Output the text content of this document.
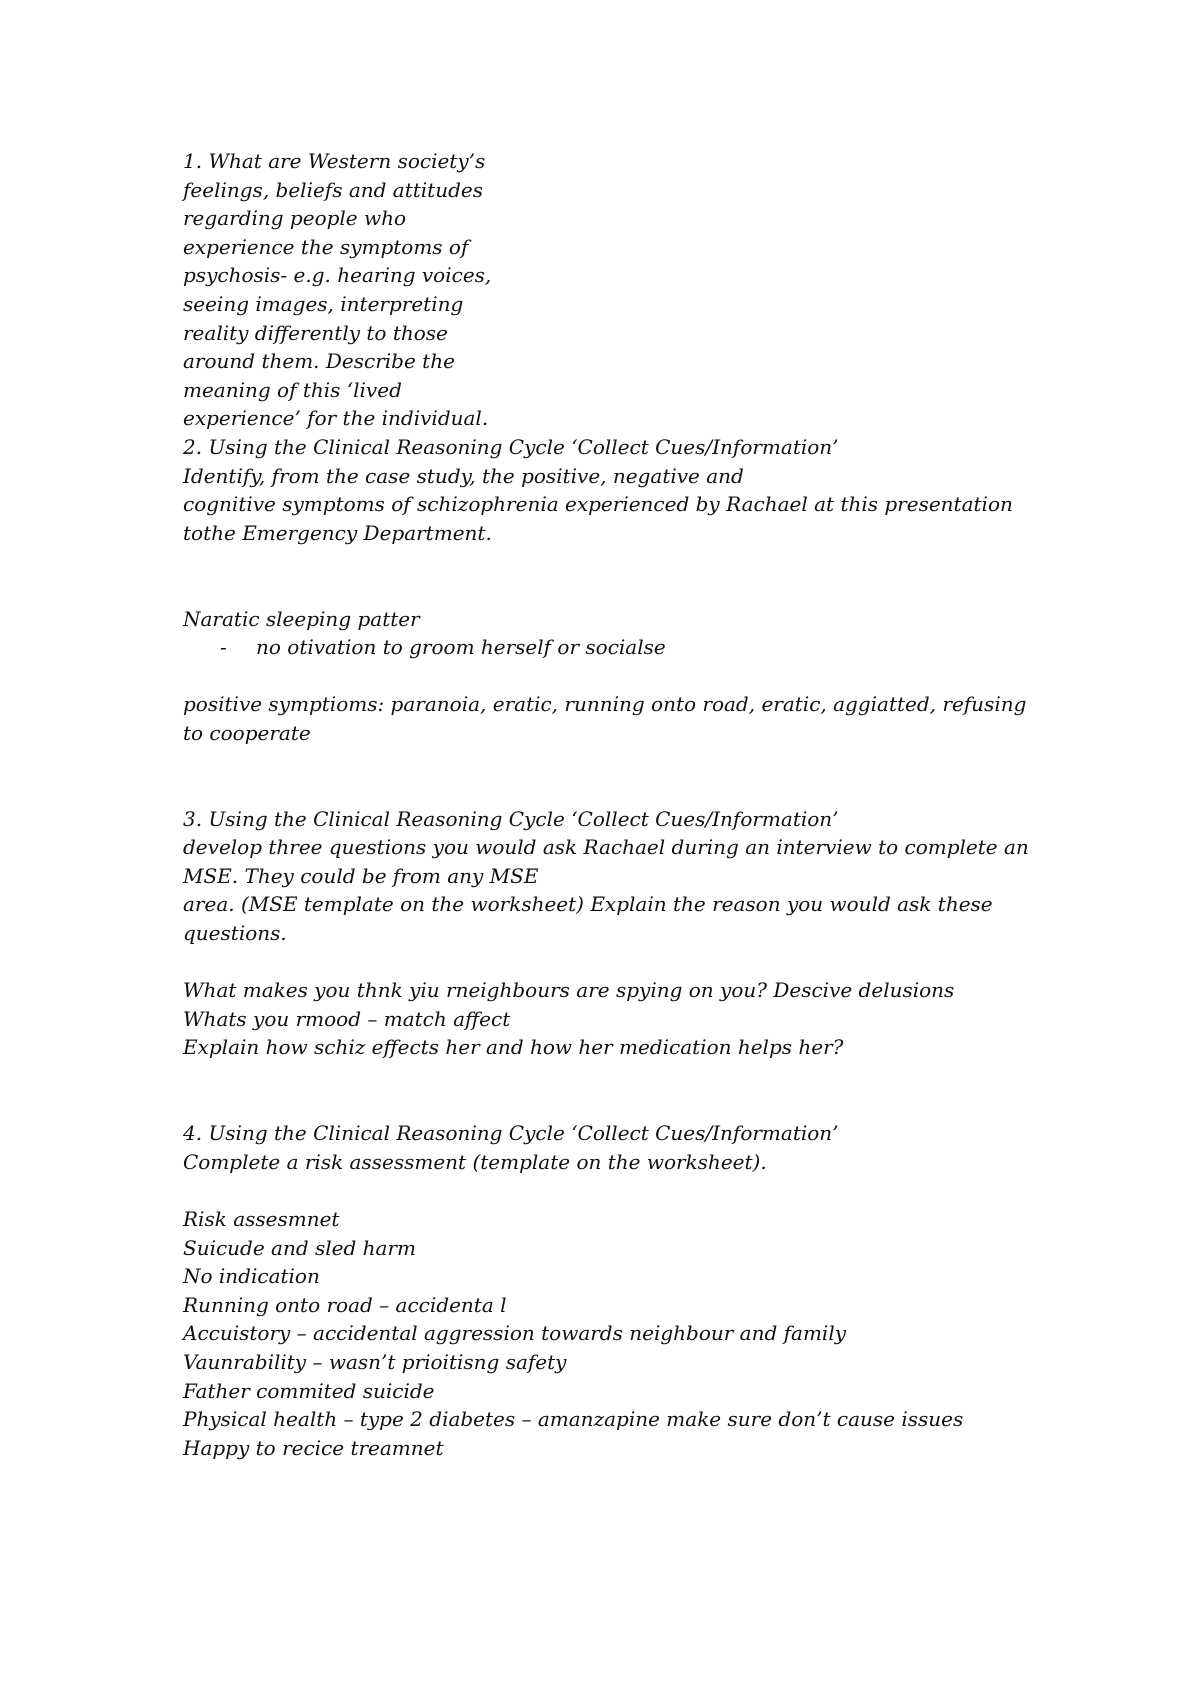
1. What are Western society’s
feelings, beliefs and attitudes
regarding people who
experience the symptoms of
psychosis- e.g. hearing voices,
seeing images, interpreting
reality differently to those
around them. Describe the
meaning of this ‘lived
experience’ for the individual.
2. Using the Clinical Reasoning Cycle ‘Collect Cues/Information’
Identify, from the case study, the positive, negative and
cognitive symptoms of schizophrenia experienced by Rachael at this presentation
tothe Emergency Department.
Naratic sleeping patter
- no otivation to groom herself or socialse
positive symptioms: paranoia, eratic, running onto road, eratic, aggiatted, refusing
to cooperate
3. Using the Clinical Reasoning Cycle ‘Collect Cues/Information’
develop three questions you would ask Rachael during an interview to complete an
MSE. They could be from any MSE
area. (MSE template on the worksheet) Explain the reason you would ask these
questions.
What makes you thnk yiu rneighbours are spying on you? Descive delusions
Whats you rmood – match affect
Explain how schiz effects her and how her medication helps her?
4. Using the Clinical Reasoning Cycle ‘Collect Cues/Information’
Complete a risk assessment (template on the worksheet).
Risk assesmnet
Suicude and sled harm
No indication
Running onto road – accidenta l
Accuistory – accidental aggression towards neighbour and family
Vaunrability – wasn’t prioitisng safety
Father commited suicide
Physical health – type 2 diabetes – amanzapine make sure don’t cause issues
Happy to recice treamnet
